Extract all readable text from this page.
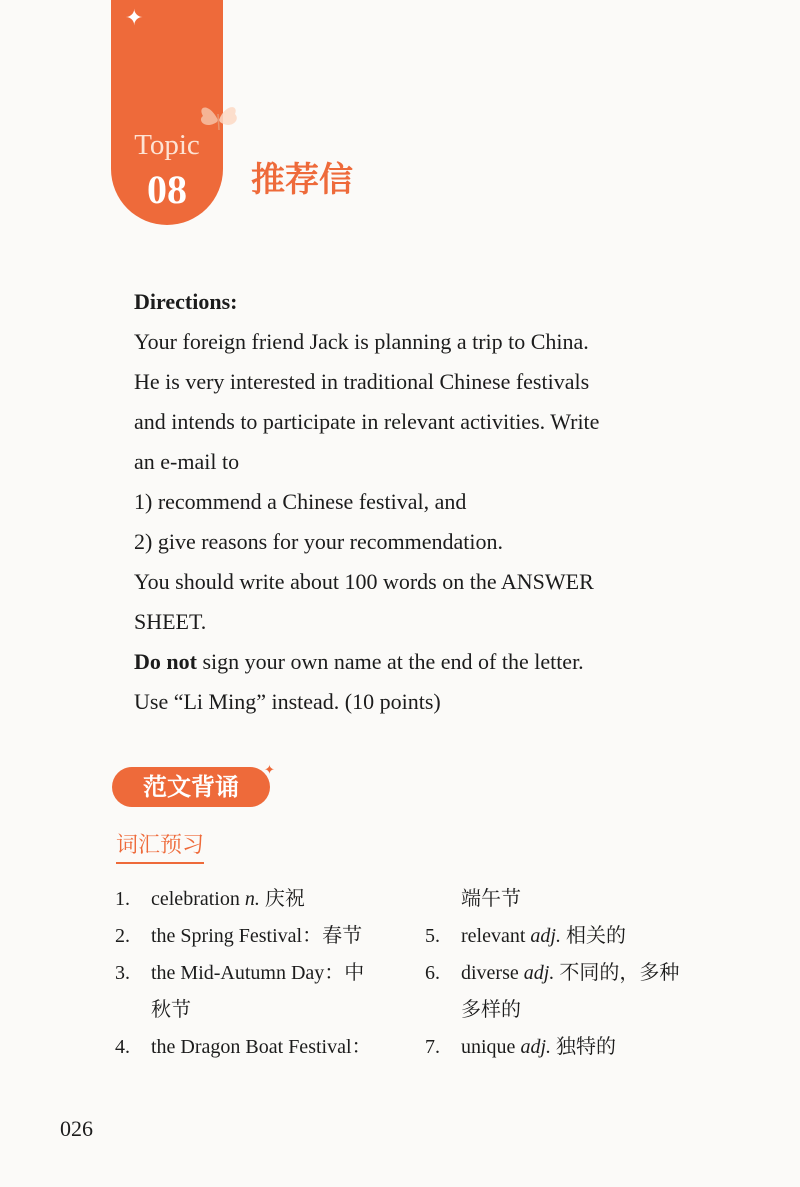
✦
Topic
08	推荐信

Directions:

Your foreign friend Jack is planning a trip to China.

He is very interested in traditional Chinese festivals

and intends to participate in relevant activities. Write

an e-mail to

1) recommend a Chinese festival, and

2) give reasons for your recommendation.

You should write about 100 words on the ANSWER

SHEET.

Do not sign your own name at the end of the letter.

Use “Li Ming” instead. (10 points)

范文背诵
✦
词汇预习
1.	celebration n. 庆祝
2.	the Spring Festival：春节
3.	the Mid-Autumn Day：中
秋节
4.	the Dragon Boat Festival：
端午节
5.	relevant adj. 相关的
6.	diverse adj. 不同的，多种
多样的
7.	unique adj. 独特的
026
